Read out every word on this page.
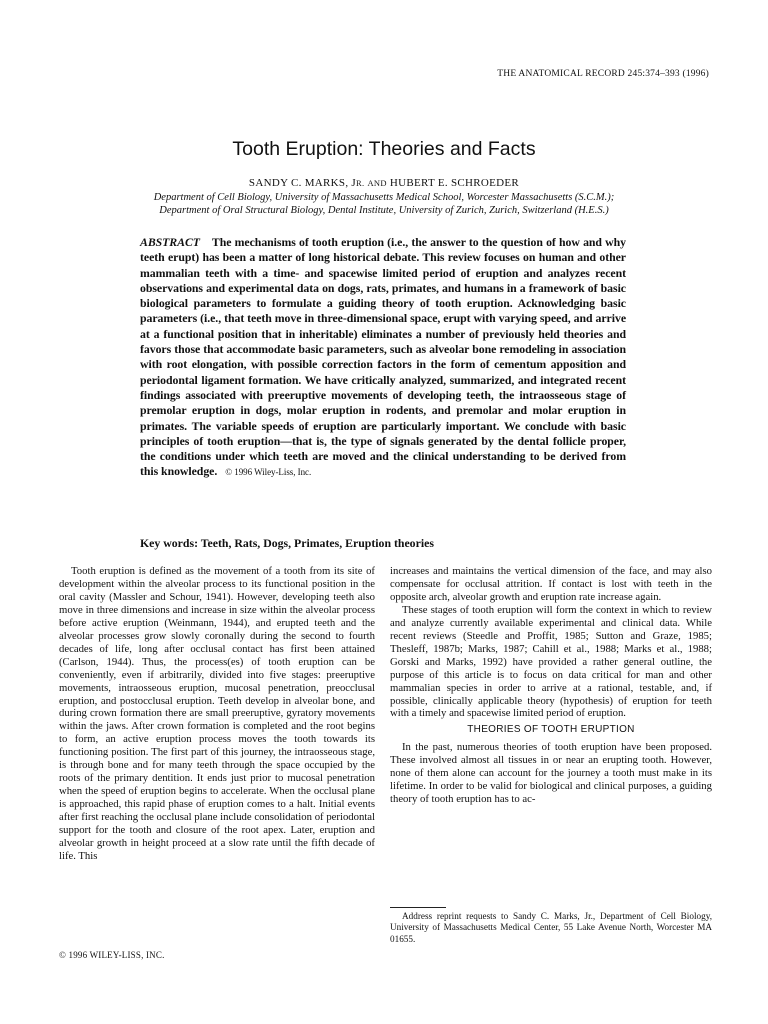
THE ANATOMICAL RECORD 245:374–393 (1996)
Tooth Eruption: Theories and Facts
SANDY C. MARKS, JR. AND HUBERT E. SCHROEDER
Department of Cell Biology, University of Massachusetts Medical School, Worcester Massachusetts (S.C.M.); Department of Oral Structural Biology, Dental Institute, University of Zurich, Zurich, Switzerland (H.E.S.)
ABSTRACT The mechanisms of tooth eruption (i.e., the answer to the question of how and why teeth erupt) has been a matter of long historical debate. This review focuses on human and other mammalian teeth with a time- and spacewise limited period of eruption and analyzes recent observations and experimental data on dogs, rats, primates, and humans in a framework of basic biological parameters to formulate a guiding theory of tooth eruption. Acknowledging basic parameters (i.e., that teeth move in three-dimensional space, erupt with varying speed, and arrive at a functional position that in inheritable) eliminates a number of previously held theories and favors those that accommodate basic parameters, such as alveolar bone remodeling in association with root elongation, with possible correction factors in the form of cementum apposition and periodontal ligament formation. We have critically analyzed, summarized, and integrated recent findings associated with preeruptive movements of developing teeth, the intraosseous stage of premolar eruption in dogs, molar eruption in rodents, and premolar and molar eruption in primates. The variable speeds of eruption are particularly important. We conclude with basic principles of tooth eruption—that is, the type of signals generated by the dental follicle proper, the conditions under which teeth are moved and the clinical understanding to be derived from this knowledge. © 1996 Wiley-Liss, Inc.
Key words: Teeth, Rats, Dogs, Primates, Eruption theories

Tooth eruption is defined as the movement of a tooth from its site of development within the alveolar process to its functional position in the oral cavity (Massler and Schour, 1941). However, developing teeth also move in three dimensions and increase in size within the alveolar process before active eruption (Weinmann, 1944), and erupted teeth and the alveolar processes grow slowly coronally during the second to fourth decades of life, long after occlusal contact has first been attained (Carlson, 1944). Thus, the process(es) of tooth eruption can be conveniently, even if arbitrarily, divided into five stages: preeruptive movements, intraosseous eruption, mucosal penetration, preocclusal eruption, and postocclusal eruption. Teeth develop in alveolar bone, and during crown formation there are small preeruptive, gyratory movements within the jaws. After crown formation is completed and the root begins to form, an active eruption process moves the tooth towards its functioning position. The first part of this journey, the intraosseous stage, is through bone and for many teeth through the space occupied by the roots of the primary dentition. It ends just prior to mucosal penetration when the speed of eruption begins to accelerate. When the occlusal plane is approached, this rapid phase of eruption comes to a halt. Initial events after first reaching the occlusal plane include consolidation of periodontal support for the tooth and closure of the root apex. Later, eruption and alveolar growth in height proceed at a slow rate until the fifth decade of life. This

increases and maintains the vertical dimension of the face, and may also compensate for occlusal attrition. If contact is lost with teeth in the opposite arch, alveolar growth and eruption rate increase again.

These stages of tooth eruption will form the context in which to review and analyze currently available experimental and clinical data. While recent reviews (Steedle and Proffit, 1985; Sutton and Graze, 1985; Thesleff, 1987b; Marks, 1987; Cahill et al., 1988; Marks et al., 1988; Gorski and Marks, 1992) have provided a rather general outline, the purpose of this article is to focus on data critical for man and other mammalian species in order to arrive at a rational, testable, and, if possible, clinically applicable theory (hypothesis) of eruption for teeth with a timely and spacewise limited period of eruption.

THEORIES OF TOOTH ERUPTION

In the past, numerous theories of tooth eruption have been proposed. These involved almost all tissues in or near an erupting tooth. However, none of them alone can account for the journey a tooth must make in its lifetime. In order to be valid for biological and clinical purposes, a guiding theory of tooth eruption has to ac-

Address reprint requests to Sandy C. Marks, Jr., Department of Cell Biology, University of Massachusetts Medical Center, 55 Lake Avenue North, Worcester MA 01655.

© 1996 WILEY-LISS, INC.
